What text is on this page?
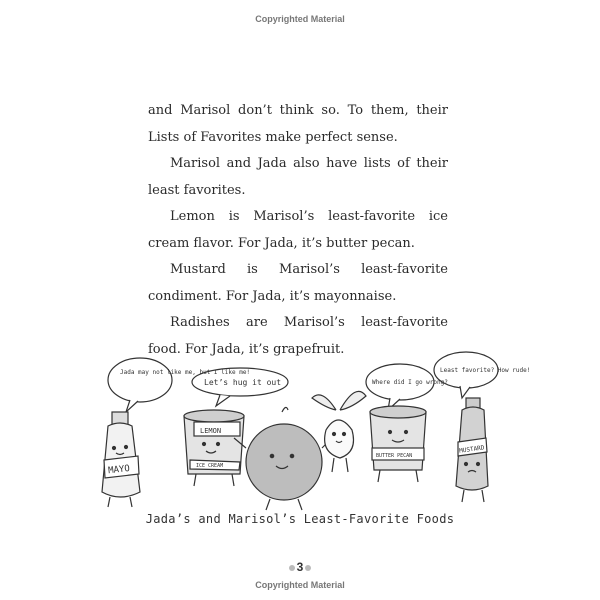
Copyrighted Material

and Marisol don’t think so. To them, their Lists of Favorites make perfect sense.

Marisol and Jada also have lists of their least favorites.

Lemon is Marisol’s least-favorite ice cream flavor. For Jada, it’s butter pecan.

Mustard is Marisol’s least-favorite condiment. For Jada, it’s mayonnaise.

Radishes are Marisol’s least-favorite food. For Jada, it’s grapefruit.

Jada may not like me, but I like me!
Let’s hug it out	Where did I go wrong?
Least favorite? How rude!
MAYO
LEMON
ICE CREAM
BUTTER PECAN
MUSTARD
Jada’s and Marisol’s Least-Favorite Foods
3
Copyrighted Material
